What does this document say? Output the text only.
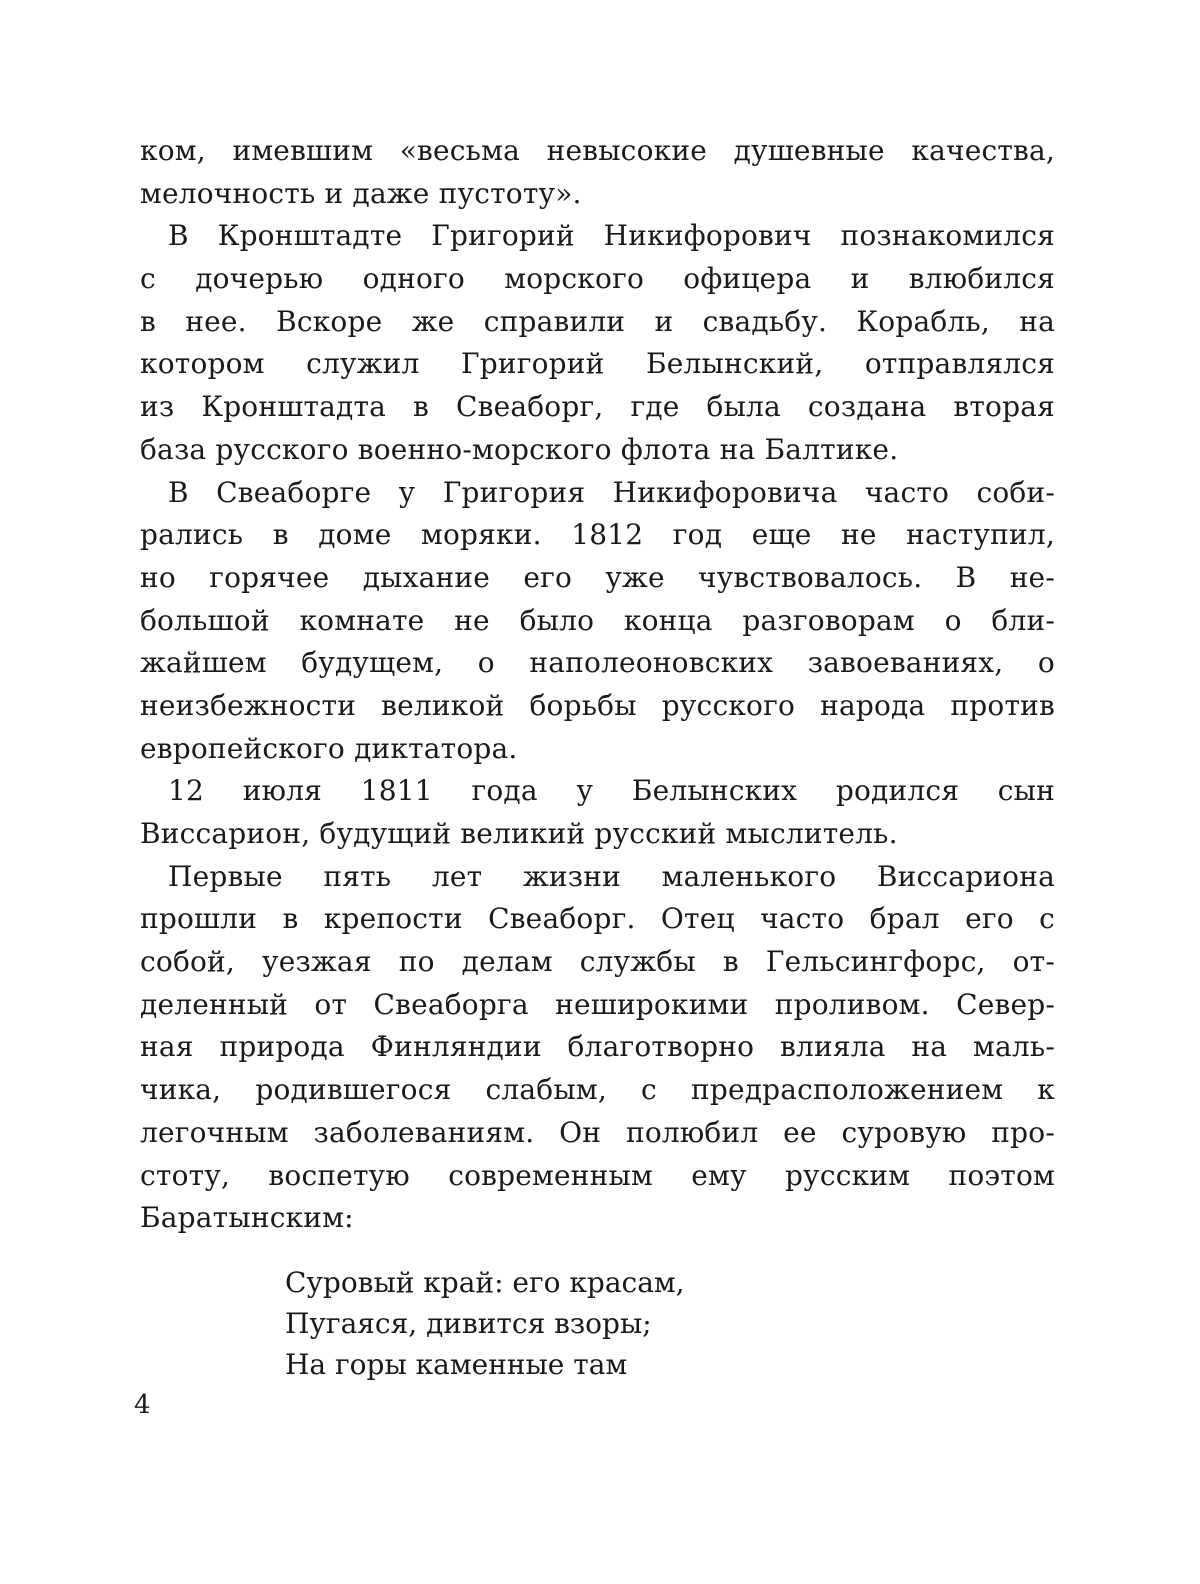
ком, имевшим «весьма невысокие душевные качества,
мелочность и даже пустоту».
В Кронштадте Григорий Никифорович познакомился
с дочерью одного морского офицера и влюбился
в нее. Вскоре же справили и свадьбу. Корабль, на
котором служил Григорий Белынский, отправлялся
из Кронштадта в Свеаборг, где была создана вторая
база русского военно-морского флота на Балтике.
В Свеаборге у Григория Никифоровича часто соби-
рались в доме моряки. 1812 год еще не наступил,
но горячее дыхание его уже чувствовалось. В не-
большой комнате не было конца разговорам о бли-
жайшем будущем, о наполеоновских завоеваниях, о
неизбежности великой борьбы русского народа против
европейского диктатора.
12 июля 1811 года у Белынских родился сын
Виссарион, будущий великий русский мыслитель.
Первые пять лет жизни маленького Виссариона
прошли в крепости Свеаборг. Отец часто брал его с
собой, уезжая по делам службы в Гельсингфорс, от-
деленный от Свеаборга неширокими проливом. Север-
ная природа Финляндии благотворно влияла на маль-
чика, родившегося слабым, с предрасположением к
легочным заболеваниям. Он полюбил ее суровую про-
стоту, воспетую современным ему русским поэтом
Баратынским:
Суровый край: его красам,
Пугаяся, дивится взоры;
На горы каменные там
4
